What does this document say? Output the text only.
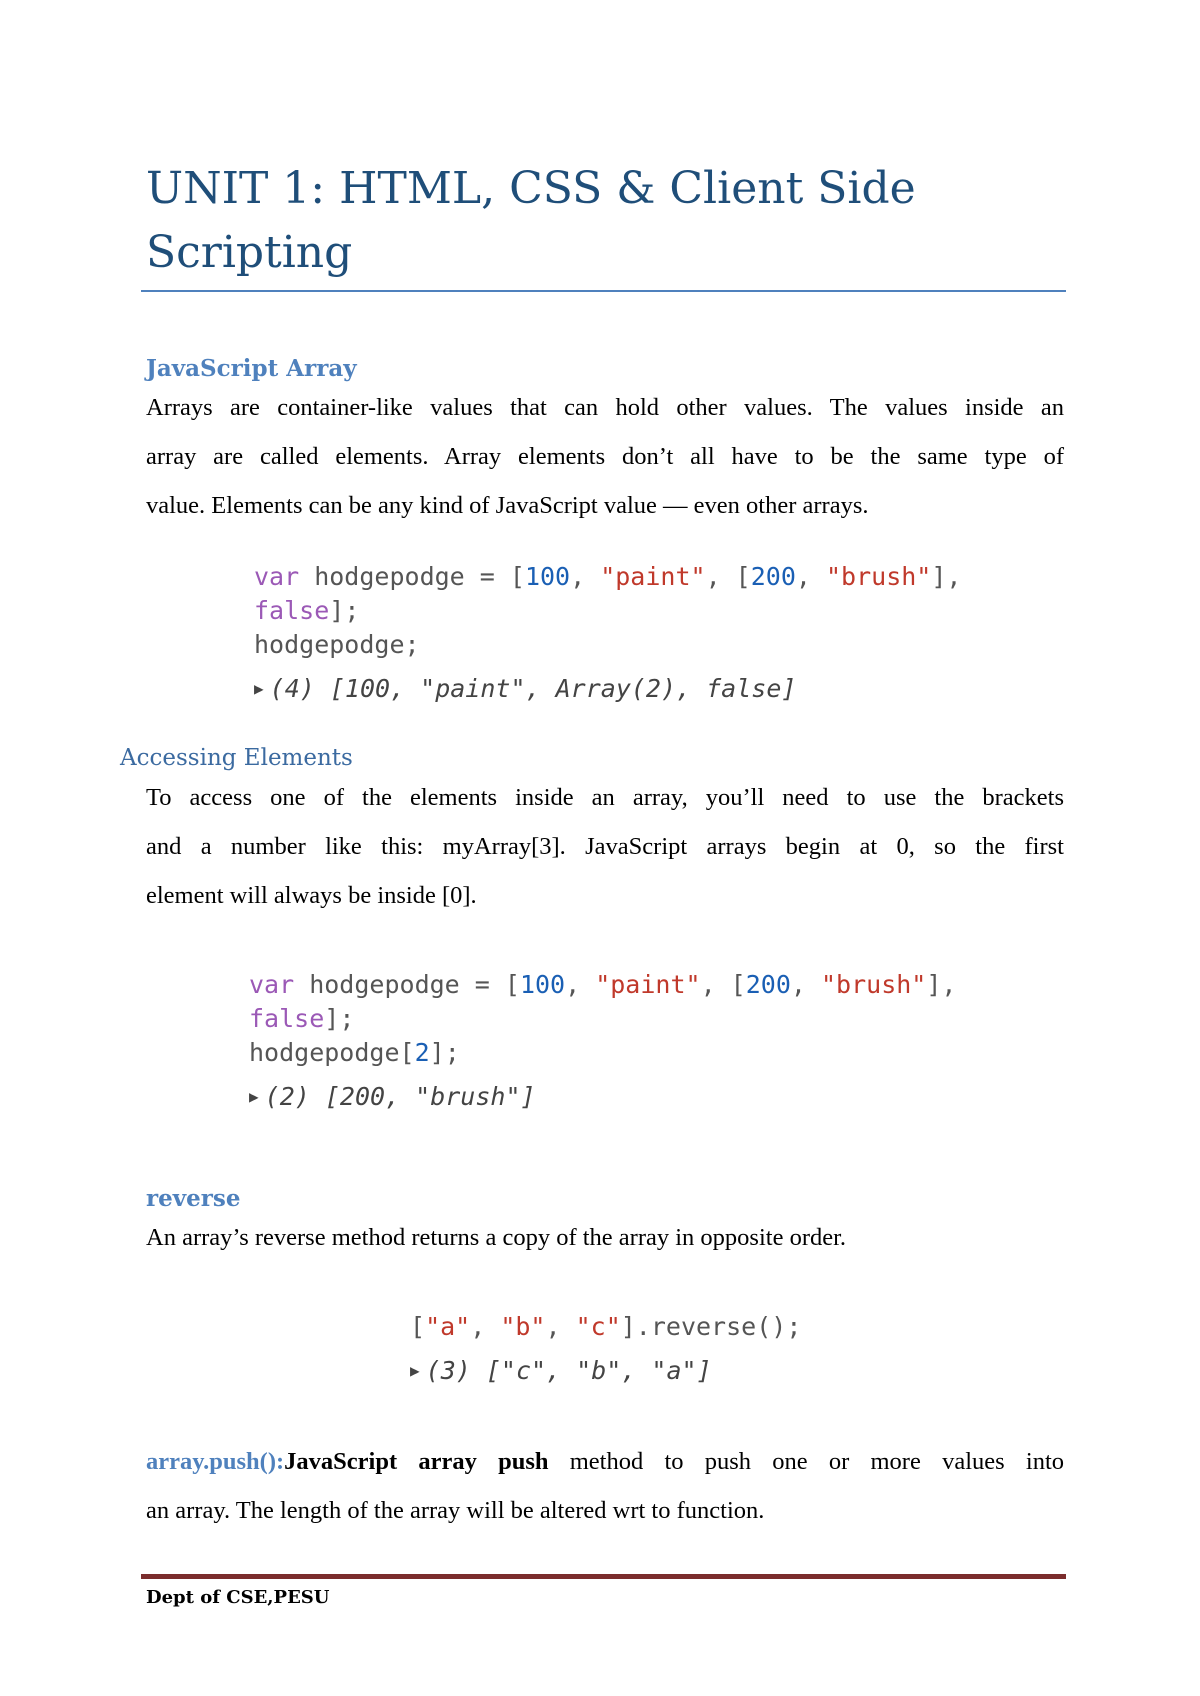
UNIT 1: HTML, CSS & Client Side
Scripting
JavaScript Array
Arrays are container-like values that can hold other values. The values inside an
array are called elements. Array elements don’t all have to be the same type of
value. Elements can be any kind of JavaScript value — even other arrays.
var hodgepodge = [100, "paint", [200, "brush"],
false];
hodgepodge;

▶ (4) [100, "paint", Array(2), false]
Accessing Elements
To access one of the elements inside an array, you’ll need to use the brackets
and a number like this: myArray[3]. JavaScript arrays begin at 0, so the first
element will always be inside [0].
var hodgepodge = [100, "paint", [200, "brush"],
false];
hodgepodge[2];

▶ (2) [200, "brush"]
reverse
An array’s reverse method returns a copy of the array in opposite order.
["a", "b", "c"].reverse();

▶ (3) ["c", "b", "a"]
array.push():JavaScript array push method to push one or more values into
an array. The length of the array will be altered wrt to function.

Dept of CSE,PESU
